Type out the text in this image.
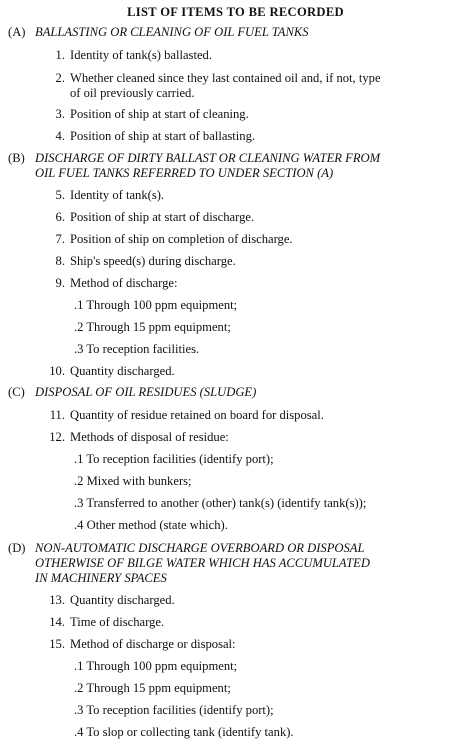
LIST OF ITEMS TO BE RECORDED
(A) BALLASTING OR CLEANING OF OIL FUEL TANKS
1. Identity of tank(s) ballasted.
2. Whether cleaned since they last contained oil and, if not, type
of oil previously carried.
3. Position of ship at start of cleaning.
4. Position of ship at start of ballasting.
(B) DISCHARGE OF DIRTY BALLAST OR CLEANING WATER FROM
OIL FUEL TANKS REFERRED TO UNDER SECTION (A)
5. Identity of tank(s).
6. Position of ship at start of discharge.
7. Position of ship on completion of discharge.
8. Ship's speed(s) during discharge.
9. Method of discharge:
.1 Through 100 ppm equipment;
.2 Through 15 ppm equipment;
.3 To reception facilities.
10. Quantity discharged.
(C) DISPOSAL OF OIL RESIDUES (SLUDGE)
11. Quantity of residue retained on board for disposal.
12. Methods of disposal of residue:
.1 To reception facilities (identify port);
.2 Mixed with bunkers;
.3 Transferred to another (other) tank(s) (identify tank(s));
.4 Other method (state which).
(D) NON-AUTOMATIC DISCHARGE OVERBOARD OR DISPOSAL
OTHERWISE OF BILGE WATER WHICH HAS ACCUMULATED
IN MACHINERY SPACES
13. Quantity discharged.
14. Time of discharge.
15. Method of discharge or disposal:
.1 Through 100 ppm equipment;
.2 Through 15 ppm equipment;
.3 To reception facilities (identify port);
.4 To slop or collecting tank (identify tank).
